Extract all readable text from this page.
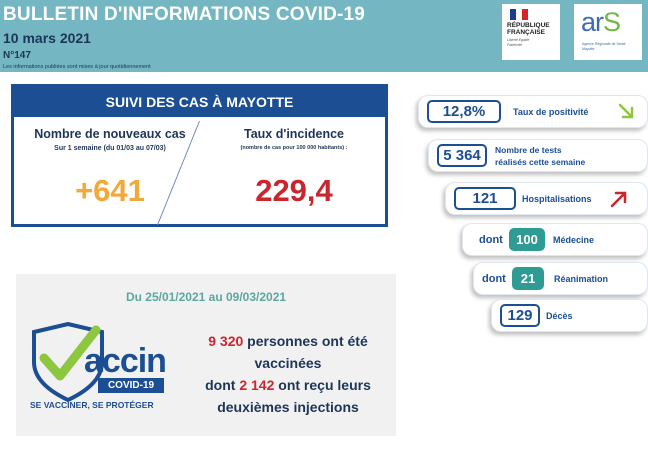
BULLETIN D'INFORMATIONS COVID-19
10 mars 2021
N°147
Les informations publiées sont mises à jour quotidiennement
RÉPUBLIQUE
FRANÇAISE
Liberté Égalité Fraternité
arS
Agence Régionale de Santé Mayotte
SUIVI DES CAS À MAYOTTE
Nombre de nouveaux cas
Sur 1 semaine (du 01/03 au 07/03)
+641
Taux d'incidence
(nombre de cas pour 100 000 habitants) :
229,4
Du 25/01/2021 au 09/03/2021
accin
COVID-19
SE VACCINER, SE PROTÉGER
9 320 personnes ont été vaccinées
dont 2 142 ont reçu leurs deuxièmes injections
12,8%	Taux de positivité
5 364	Nombre de tests
réalisés cette semaine
121	Hospitalisations
dont	100	Médecine
dont	21	Réanimation
129	Décès
